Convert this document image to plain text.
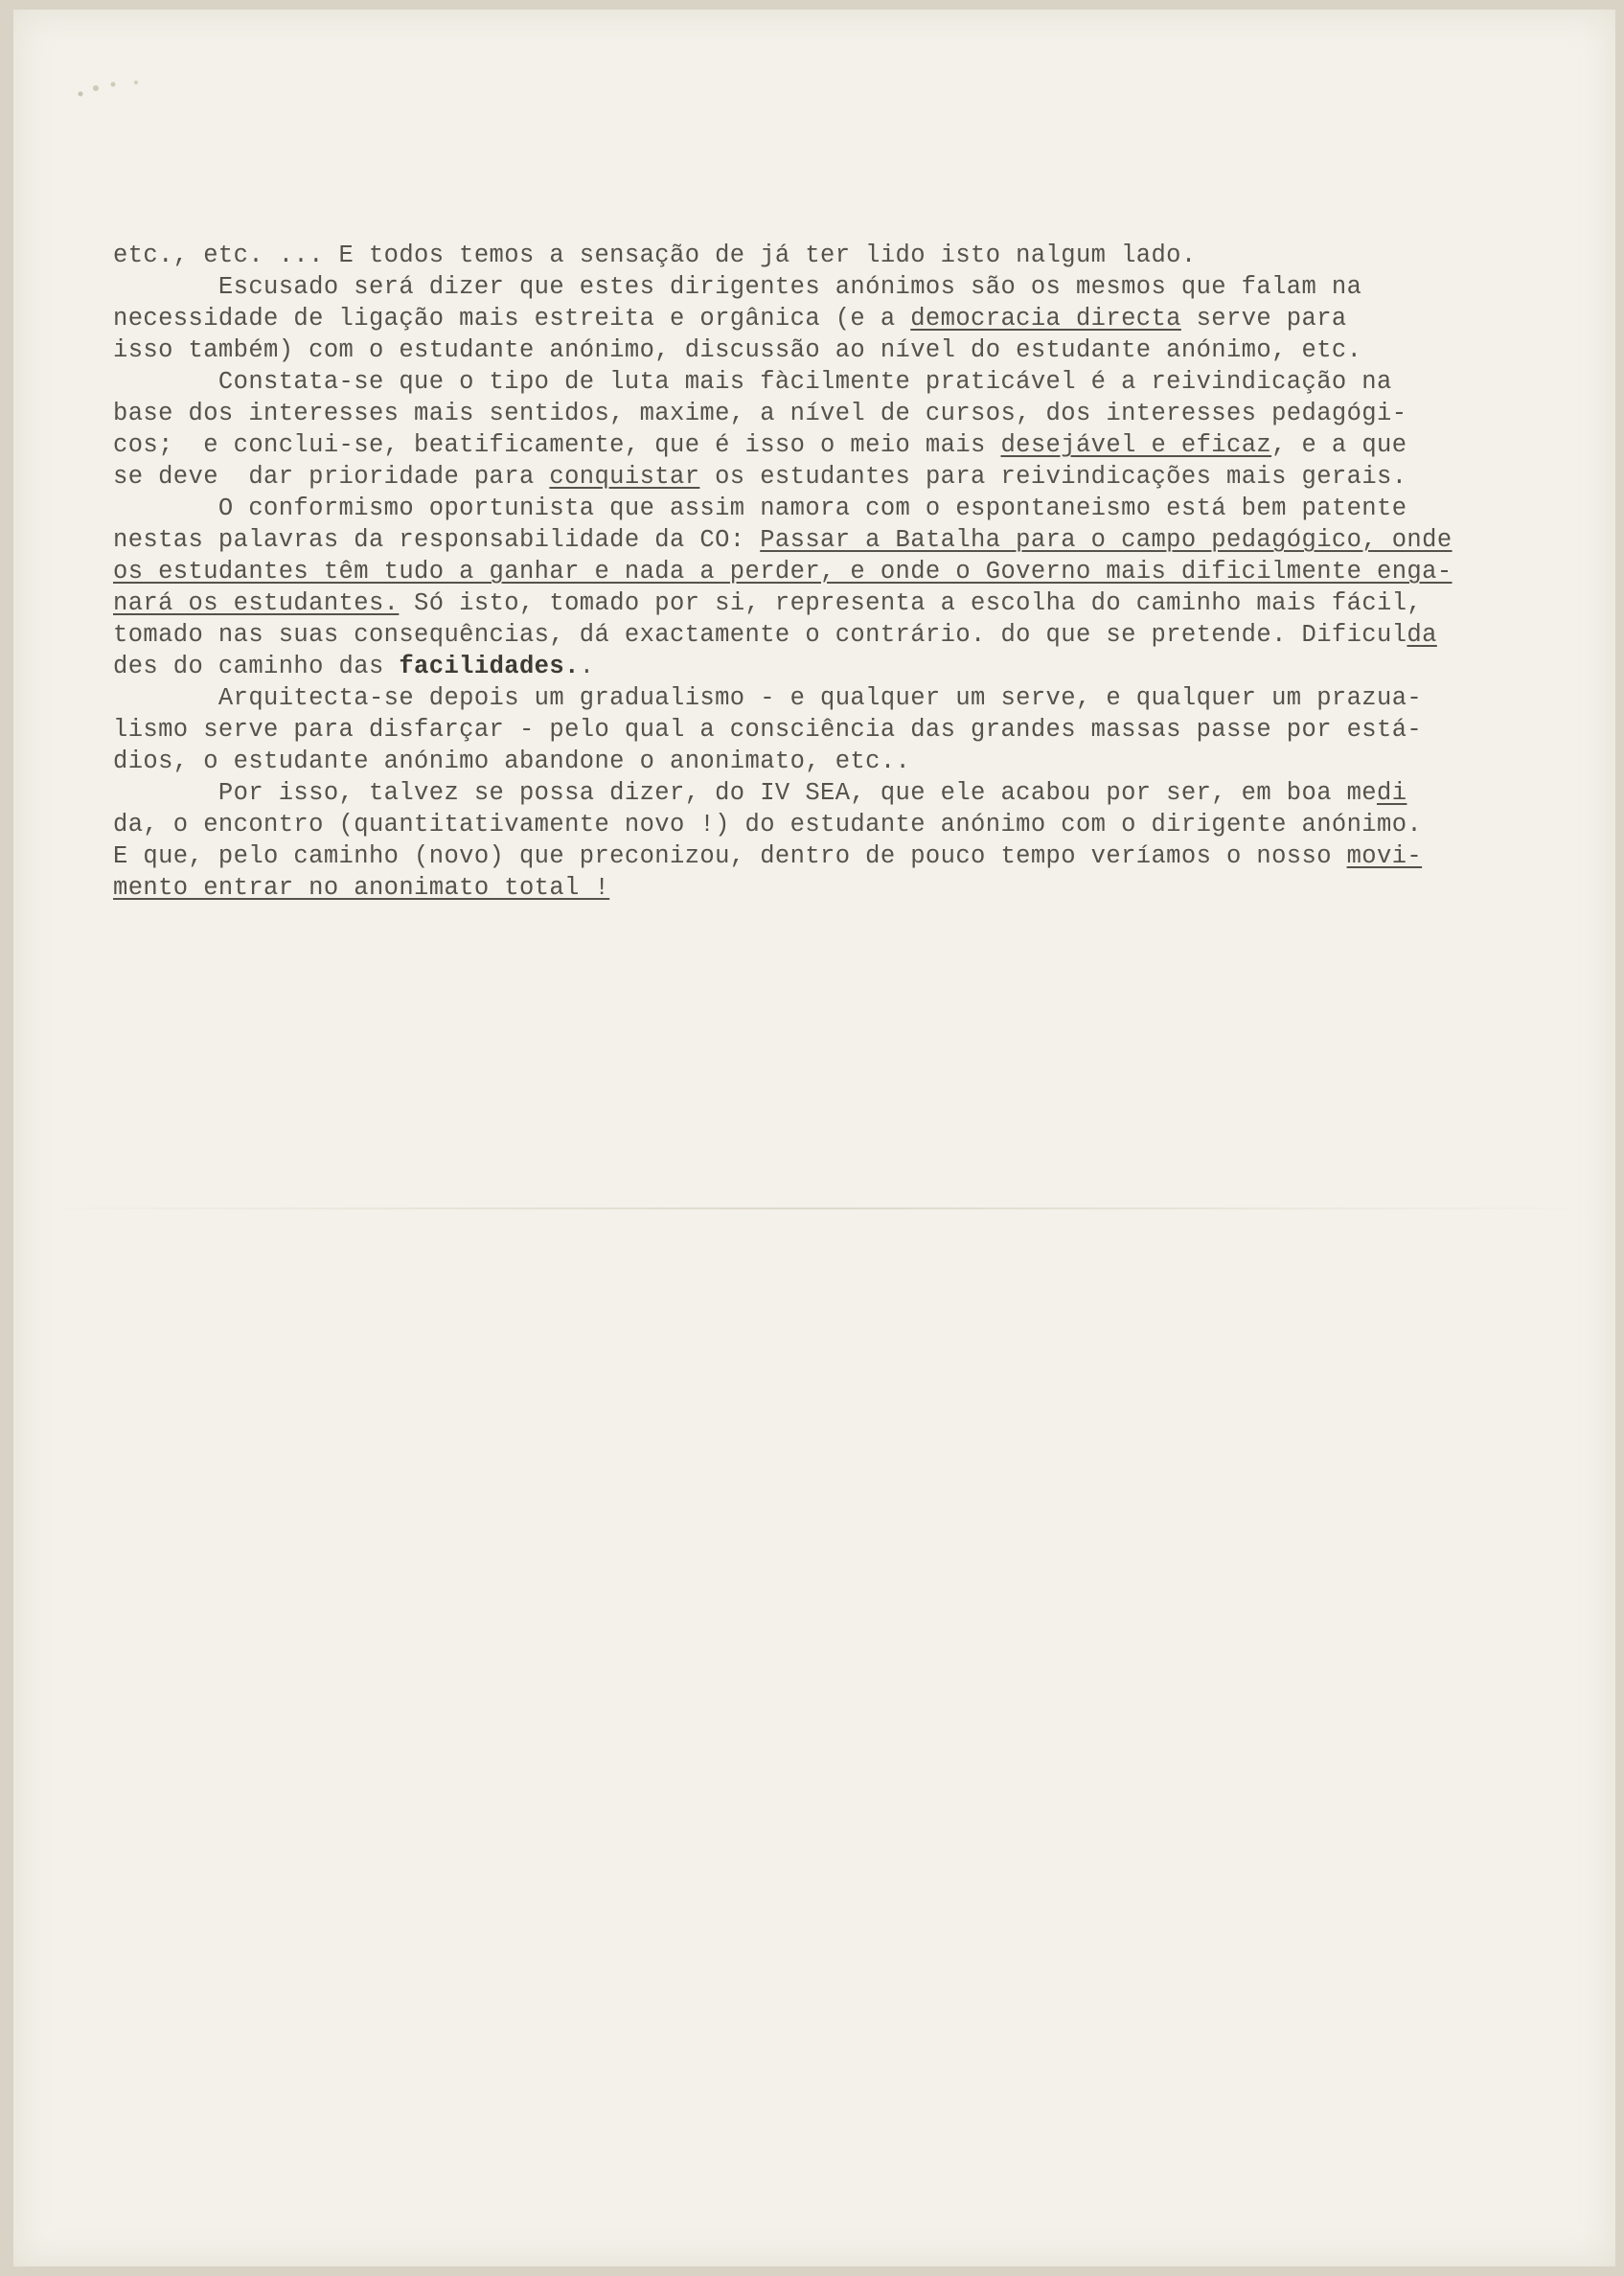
etc., etc. ... E todos temos a sensação de já ter lido isto nalgum lado.
Escusado será dizer que estes dirigentes anónimos são os mesmos que falam na
necessidade de ligação mais estreita e orgânica (e a democracia directa serve para
isso também) com o estudante anónimo, discussão ao nível do estudante anónimo, etc.
Constata-se que o tipo de luta mais fàcilmente praticável é a reivindicação na
base dos interesses mais sentidos, maxime, a nível de cursos, dos interesses pedagógi-
cos;  e conclui-se, beatificamente, que é isso o meio mais desejável e eficaz, e a que
se deve  dar prioridade para conquistar os estudantes para reivindicações mais gerais.
O conformismo oportunista que assim namora com o espontaneismo está bem patente
nestas palavras da responsabilidade da CO: Passar a Batalha para o campo pedagógico, onde
os estudantes têm tudo a ganhar e nada a perder, e onde o Governo mais dificilmente enga-
nará os estudantes. Só isto, tomado por si, representa a escolha do caminho mais fácil,
tomado nas suas consequências, dá exactamente o contrário. do que se pretende. Dificulda
des do caminho das facilidades..
Arquitecta-se depois um gradualismo - e qualquer um serve, e qualquer um prazua-
lismo serve para disfarçar - pelo qual a consciência das grandes massas passe por está-
dios, o estudante anónimo abandone o anonimato, etc..
Por isso, talvez se possa dizer, do IV SEA, que ele acabou por ser, em boa medi
da, o encontro (quantitativamente novo !) do estudante anónimo com o dirigente anónimo.
E que, pelo caminho (novo) que preconizou, dentro de pouco tempo veríamos o nosso movi-
mento entrar no anonimato total !
